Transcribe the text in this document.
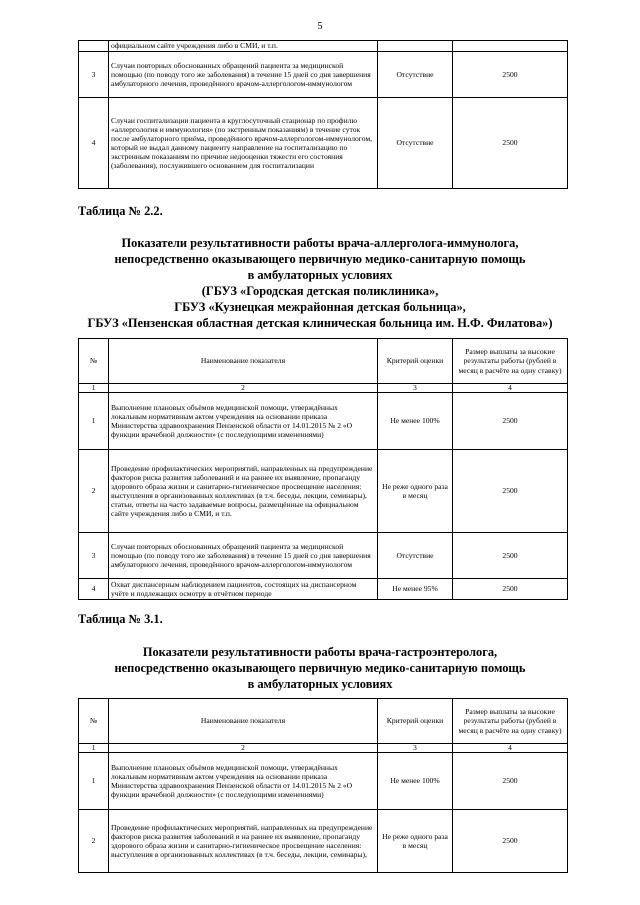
5
	официальном сайте учреждения либо в СМИ, и т.п.		
3	Случаи повторных обоснованных обращений пациента за медицинской помощью (по поводу того же заболевания) в течение 15 дней со дня завершения амбулаторного лечения, проведённого врачом-аллергологом-иммунологом	Отсутствие	2500
4	Случаи госпитализации пациента в круглосуточный стационар по профилю «аллергология и иммунология» (по экстренным показаниям) в течение суток после амбулаторного приёма, проведённого врачом-аллергологом-иммунологом, который не выдал данному пациенту направление на госпитализацию по экстренным показаниям по причине недооценки тяжести его состояния (заболевания), послужившего основанием для госпитализации	Отсутствие	2500
Таблица № 2.2.
Показатели результативности работы врача-аллерголога-иммунолога,
непосредственно оказывающего первичную медико-санитарную помощь
в амбулаторных условиях
(ГБУЗ «Городская детская поликлиника»,
ГБУЗ «Кузнецкая межрайонная детская больница»,
ГБУЗ «Пензенская областная детская клиническая больница им. Н.Ф. Филатова»)
№	Наименование показателя	Критерий оценки	Размер выплаты за высокие результаты работы (рублей в месяц в расчёте на одну ставку)
1	2	3	4
1	Выполнение плановых объёмов медицинской помощи, утверждённых локальным нормативным актом учреждения на основании приказа Министерства здравоохранения Пензенской области от 14.01.2015 № 2 «О функции врачебной должности» (с последующими изменениями)	Не менее 100%	2500
2	Проведение профилактических мероприятий, направленных на предупреждение факторов риска развития заболеваний и на раннее их выявление, пропаганду здорового образа жизни и санитарно-гигиеническое просвещение населения: выступления в организованных коллективах (в т.ч. беседы, лекции, семинары), статьи, ответы на часто задаваемые вопросы, размещённые на официальном сайте учреждения либо в СМИ, и т.п.	Не реже одного раза в месяц	2500
3	Случаи повторных обоснованных обращений пациента за медицинской помощью (по поводу того же заболевания) в течение 15 дней со дня завершения амбулаторного лечения, проведённого врачом-аллергологом-иммунологом	Отсутствие	2500
4	Охват диспансерным наблюдением пациентов, состоящих на диспансерном учёте и подлежащих осмотру в отчётном периоде	Не менее 95%	2500
Таблица № 3.1.
Показатели результативности работы врача-гастроэнтеролога,
непосредственно оказывающего первичную медико-санитарную помощь
в амбулаторных условиях
№	Наименование показателя	Критерий оценки	Размер выплаты за высокие результаты работы (рублей в месяц в расчёте на одну ставку)
1	2	3	4
1	Выполнение плановых объёмов медицинской помощи, утверждённых локальным нормативным актом учреждения на основании приказа Министерства здравоохранения Пензенской области от 14.01.2015 № 2 «О функции врачебной должности» (с последующими изменениями)	Не менее 100%	2500
2	Проведение профилактических мероприятий, направленных на предупреждение факторов риска развития заболеваний и на раннее их выявление, пропаганду здорового образа жизни и санитарно-гигиеническое просвещение населения: выступления в организованных коллективах (в т.ч. беседы, лекции, семинары),	Не реже одного раза в месяц	2500
